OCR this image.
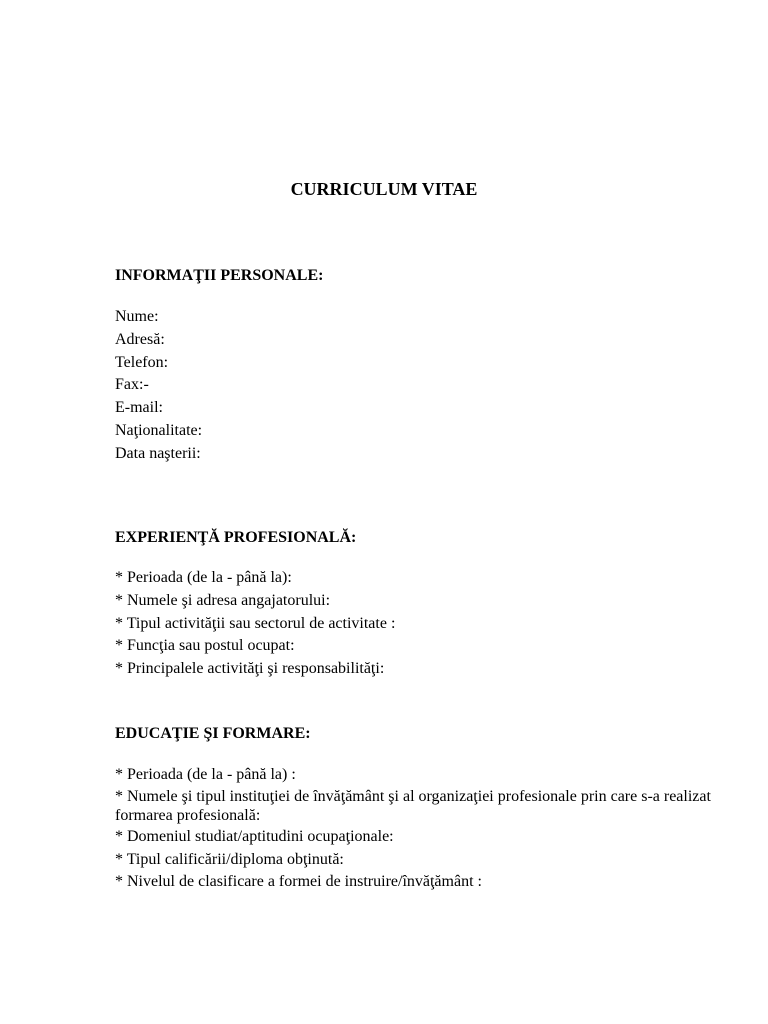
CURRICULUM VITAE
INFORMAŢII PERSONALE:
Nume:
Adresă:
Telefon:
Fax:-
E-mail:
Naţionalitate:
Data naşterii:
EXPERIENŢĂ PROFESIONALĂ:
* Perioada (de la - până la):
* Numele şi adresa angajatorului:
* Tipul activităţii sau sectorul de activitate :
* Funcţia sau postul ocupat:
* Principalele activităţi şi responsabilităţi:
EDUCAŢIE ŞI FORMARE:
* Perioada (de la - până la) :
* Numele şi tipul instituţiei de învăţământ şi al organizaţiei profesionale prin care s-a realizat formarea profesională:
* Domeniul studiat/aptitudini ocupaţionale:
* Tipul calificării/diploma obţinută:
* Nivelul de clasificare a formei de instruire/învăţământ :
